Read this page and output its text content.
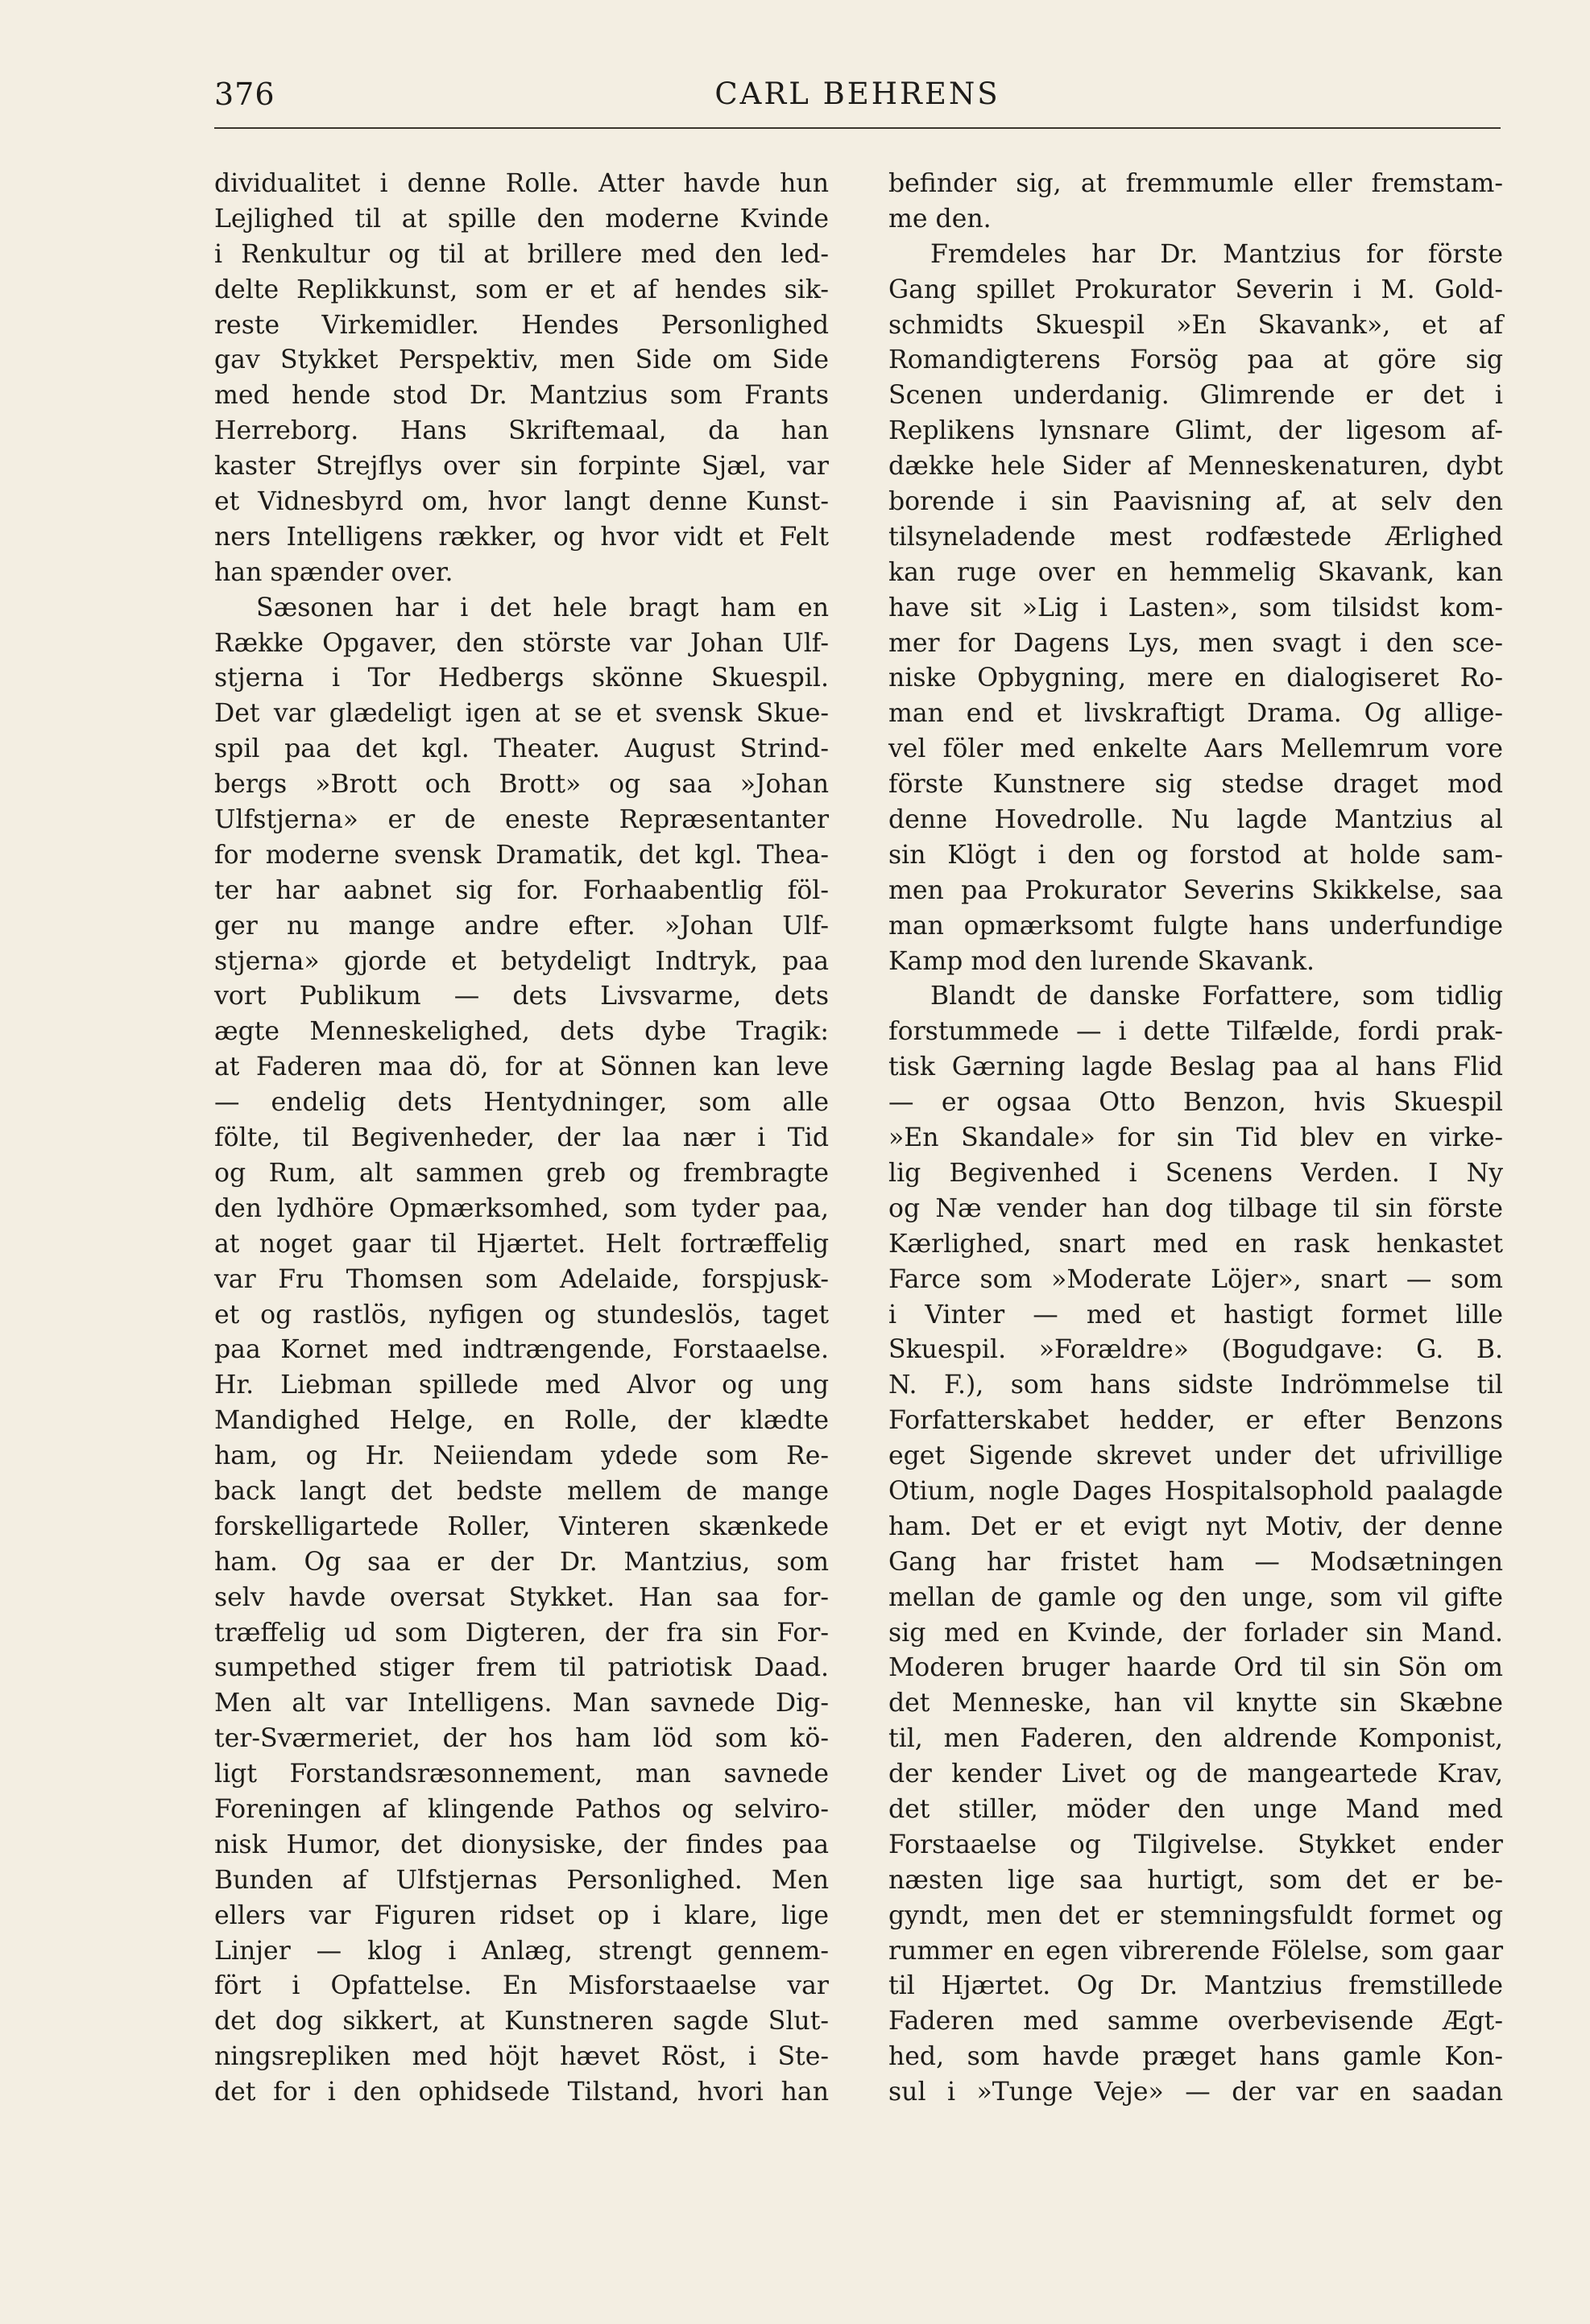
376	CARL BEHRENS
dividualitet i denne Rolle. Atter havde hun
Lejlighed til at spille den moderne Kvinde
i Renkultur og til at brillere med den led-
delte Replikkunst, som er et af hendes sik-
reste Virkemidler. Hendes Personlighed
gav Stykket Perspektiv, men Side om Side
med hende stod Dr. Mantzius som Frants
Herreborg. Hans Skriftemaal, da han
kaster Strejflys over sin forpinte Sjæl, var
et Vidnesbyrd om, hvor langt denne Kunst-
ners Intelligens rækker, og hvor vidt et Felt
han spænder over.
Sæsonen har i det hele bragt ham en
Række Opgaver, den störste var Johan Ulf-
stjerna i Tor Hedbergs skönne Skuespil.
Det var glædeligt igen at se et svensk Skue-
spil paa det kgl. Theater. August Strind-
bergs »Brott och Brott» og saa »Johan
Ulfstjerna» er de eneste Repræsentanter
for moderne svensk Dramatik, det kgl. Thea-
ter har aabnet sig for. Forhaabentlig föl-
ger nu mange andre efter. »Johan Ulf-
stjerna» gjorde et betydeligt Indtryk, paa
vort Publikum — dets Livsvarme, dets
ægte Menneskelighed, dets dybe Tragik:
at Faderen maa dö, for at Sönnen kan leve
— endelig dets Hentydninger, som alle
fölte, til Begivenheder, der laa nær i Tid
og Rum, alt sammen greb og frembragte
den lydhöre Opmærksomhed, som tyder paa,
at noget gaar til Hjærtet. Helt fortræffelig
var Fru Thomsen som Adelaide, forspjusk-
et og rastlös, nyfigen og stundeslös, taget
paa Kornet med indtrængende, Forstaaelse.
Hr. Liebman spillede med Alvor og ung
Mandighed Helge, en Rolle, der klædte
ham, og Hr. Neiiendam ydede som Re-
back langt det bedste mellem de mange
forskelligartede Roller, Vinteren skænkede
ham. Og saa er der Dr. Mantzius, som
selv havde oversat Stykket. Han saa for-
træffelig ud som Digteren, der fra sin For-
sumpethed stiger frem til patriotisk Daad.
Men alt var Intelligens. Man savnede Dig-
ter-Sværmeriet, der hos ham löd som kö-
ligt Forstandsræsonnement, man savnede
Foreningen af klingende Pathos og selviro-
nisk Humor, det dionysiske, der findes paa
Bunden af Ulfstjernas Personlighed. Men
ellers var Figuren ridset op i klare, lige
Linjer — klog i Anlæg, strengt gennem-
fört i Opfattelse. En Misforstaaelse var
det dog sikkert, at Kunstneren sagde Slut-
ningsrepliken med höjt hævet Röst, i Ste-
det for i den ophidsede Tilstand, hvori han
befinder sig, at fremmumle eller fremstam-
me den.
Fremdeles har Dr. Mantzius for förste
Gang spillet Prokurator Severin i M. Gold-
schmidts Skuespil »En Skavank», et af
Romandigterens Forsög paa at göre sig
Scenen underdanig. Glimrende er det i
Replikens lynsnare Glimt, der ligesom af-
dække hele Sider af Menneskenaturen, dybt
borende i sin Paavisning af, at selv den
tilsyneladende mest rodfæstede Ærlighed
kan ruge over en hemmelig Skavank, kan
have sit »Lig i Lasten», som tilsidst kom-
mer for Dagens Lys, men svagt i den sce-
niske Opbygning, mere en dialogiseret Ro-
man end et livskraftigt Drama. Og allige-
vel föler med enkelte Aars Mellemrum vore
förste Kunstnere sig stedse draget mod
denne Hovedrolle. Nu lagde Mantzius al
sin Klögt i den og forstod at holde sam-
men paa Prokurator Severins Skikkelse, saa
man opmærksomt fulgte hans underfundige
Kamp mod den lurende Skavank.
Blandt de danske Forfattere, som tidlig
forstummede — i dette Tilfælde, fordi prak-
tisk Gærning lagde Beslag paa al hans Flid
— er ogsaa Otto Benzon, hvis Skuespil
»En Skandale» for sin Tid blev en virke-
lig Begivenhed i Scenens Verden. I Ny
og Næ vender han dog tilbage til sin förste
Kærlighed, snart med en rask henkastet
Farce som »Moderate Löjer», snart — som
i Vinter — med et hastigt formet lille
Skuespil. »Forældre» (Bogudgave: G. B.
N. F.), som hans sidste Indrömmelse til
Forfatterskabet hedder, er efter Benzons
eget Sigende skrevet under det ufrivillige
Otium, nogle Dages Hospitalsophold paalagde
ham. Det er et evigt nyt Motiv, der denne
Gang har fristet ham — Modsætningen
mellan de gamle og den unge, som vil gifte
sig med en Kvinde, der forlader sin Mand.
Moderen bruger haarde Ord til sin Sön om
det Menneske, han vil knytte sin Skæbne
til, men Faderen, den aldrende Komponist,
der kender Livet og de mangeartede Krav,
det stiller, möder den unge Mand med
Forstaaelse og Tilgivelse. Stykket ender
næsten lige saa hurtigt, som det er be-
gyndt, men det er stemningsfuldt formet og
rummer en egen vibrerende Fölelse, som gaar
til Hjærtet. Og Dr. Mantzius fremstillede
Faderen med samme overbevisende Ægt-
hed, som havde præget hans gamle Kon-
sul i »Tunge Veje» — der var en saadan
